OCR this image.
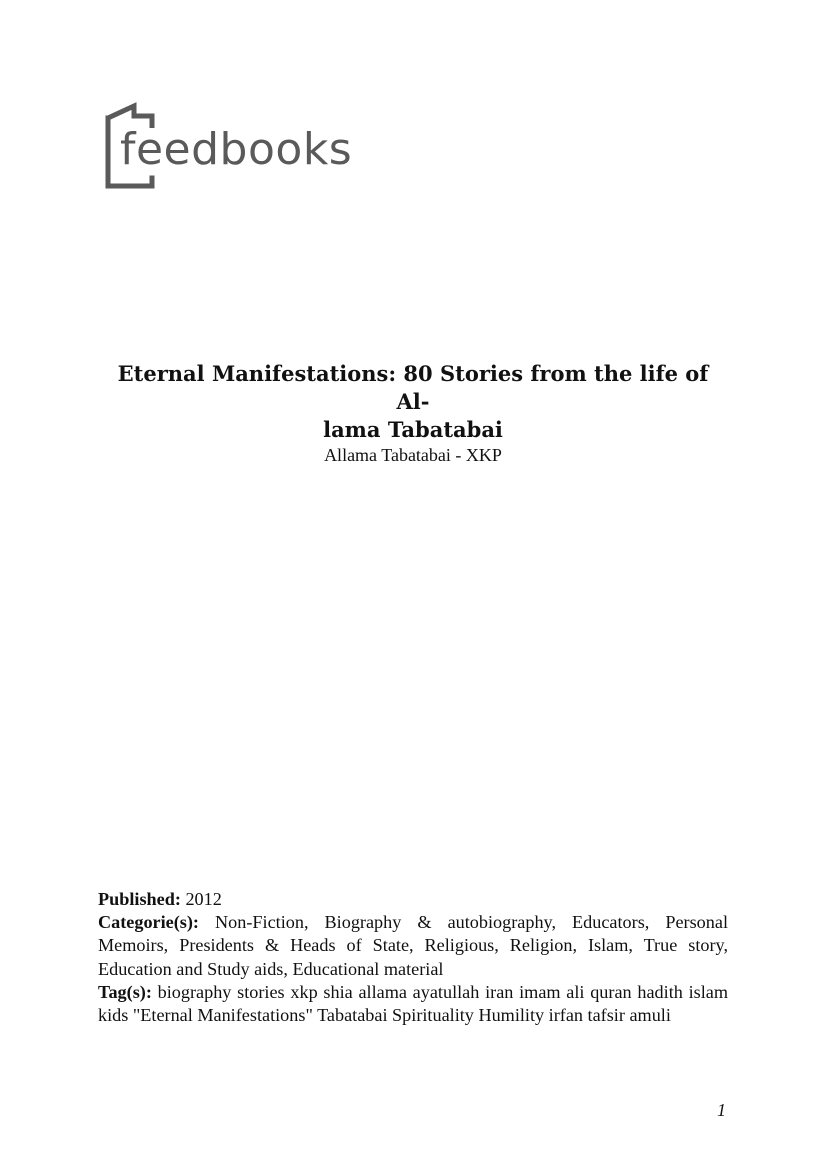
feedbooks

Eternal Manifestations: 80 Stories from the life of Al-
lama Tabatabai

Allama Tabatabai - XKP

Published: 2012

Categorie(s): Non-Fiction, Biography & autobiography, Educators, Personal Memoirs, Presidents & Heads of State, Religious, Religion, Islam, True story, Education and Study aids, Educational material

Tag(s): biography stories xkp shia allama ayatullah iran imam ali quran hadith islam kids "Eternal Manifestations" Tabatabai Spirituality Humility irfan tafsir amuli

1
